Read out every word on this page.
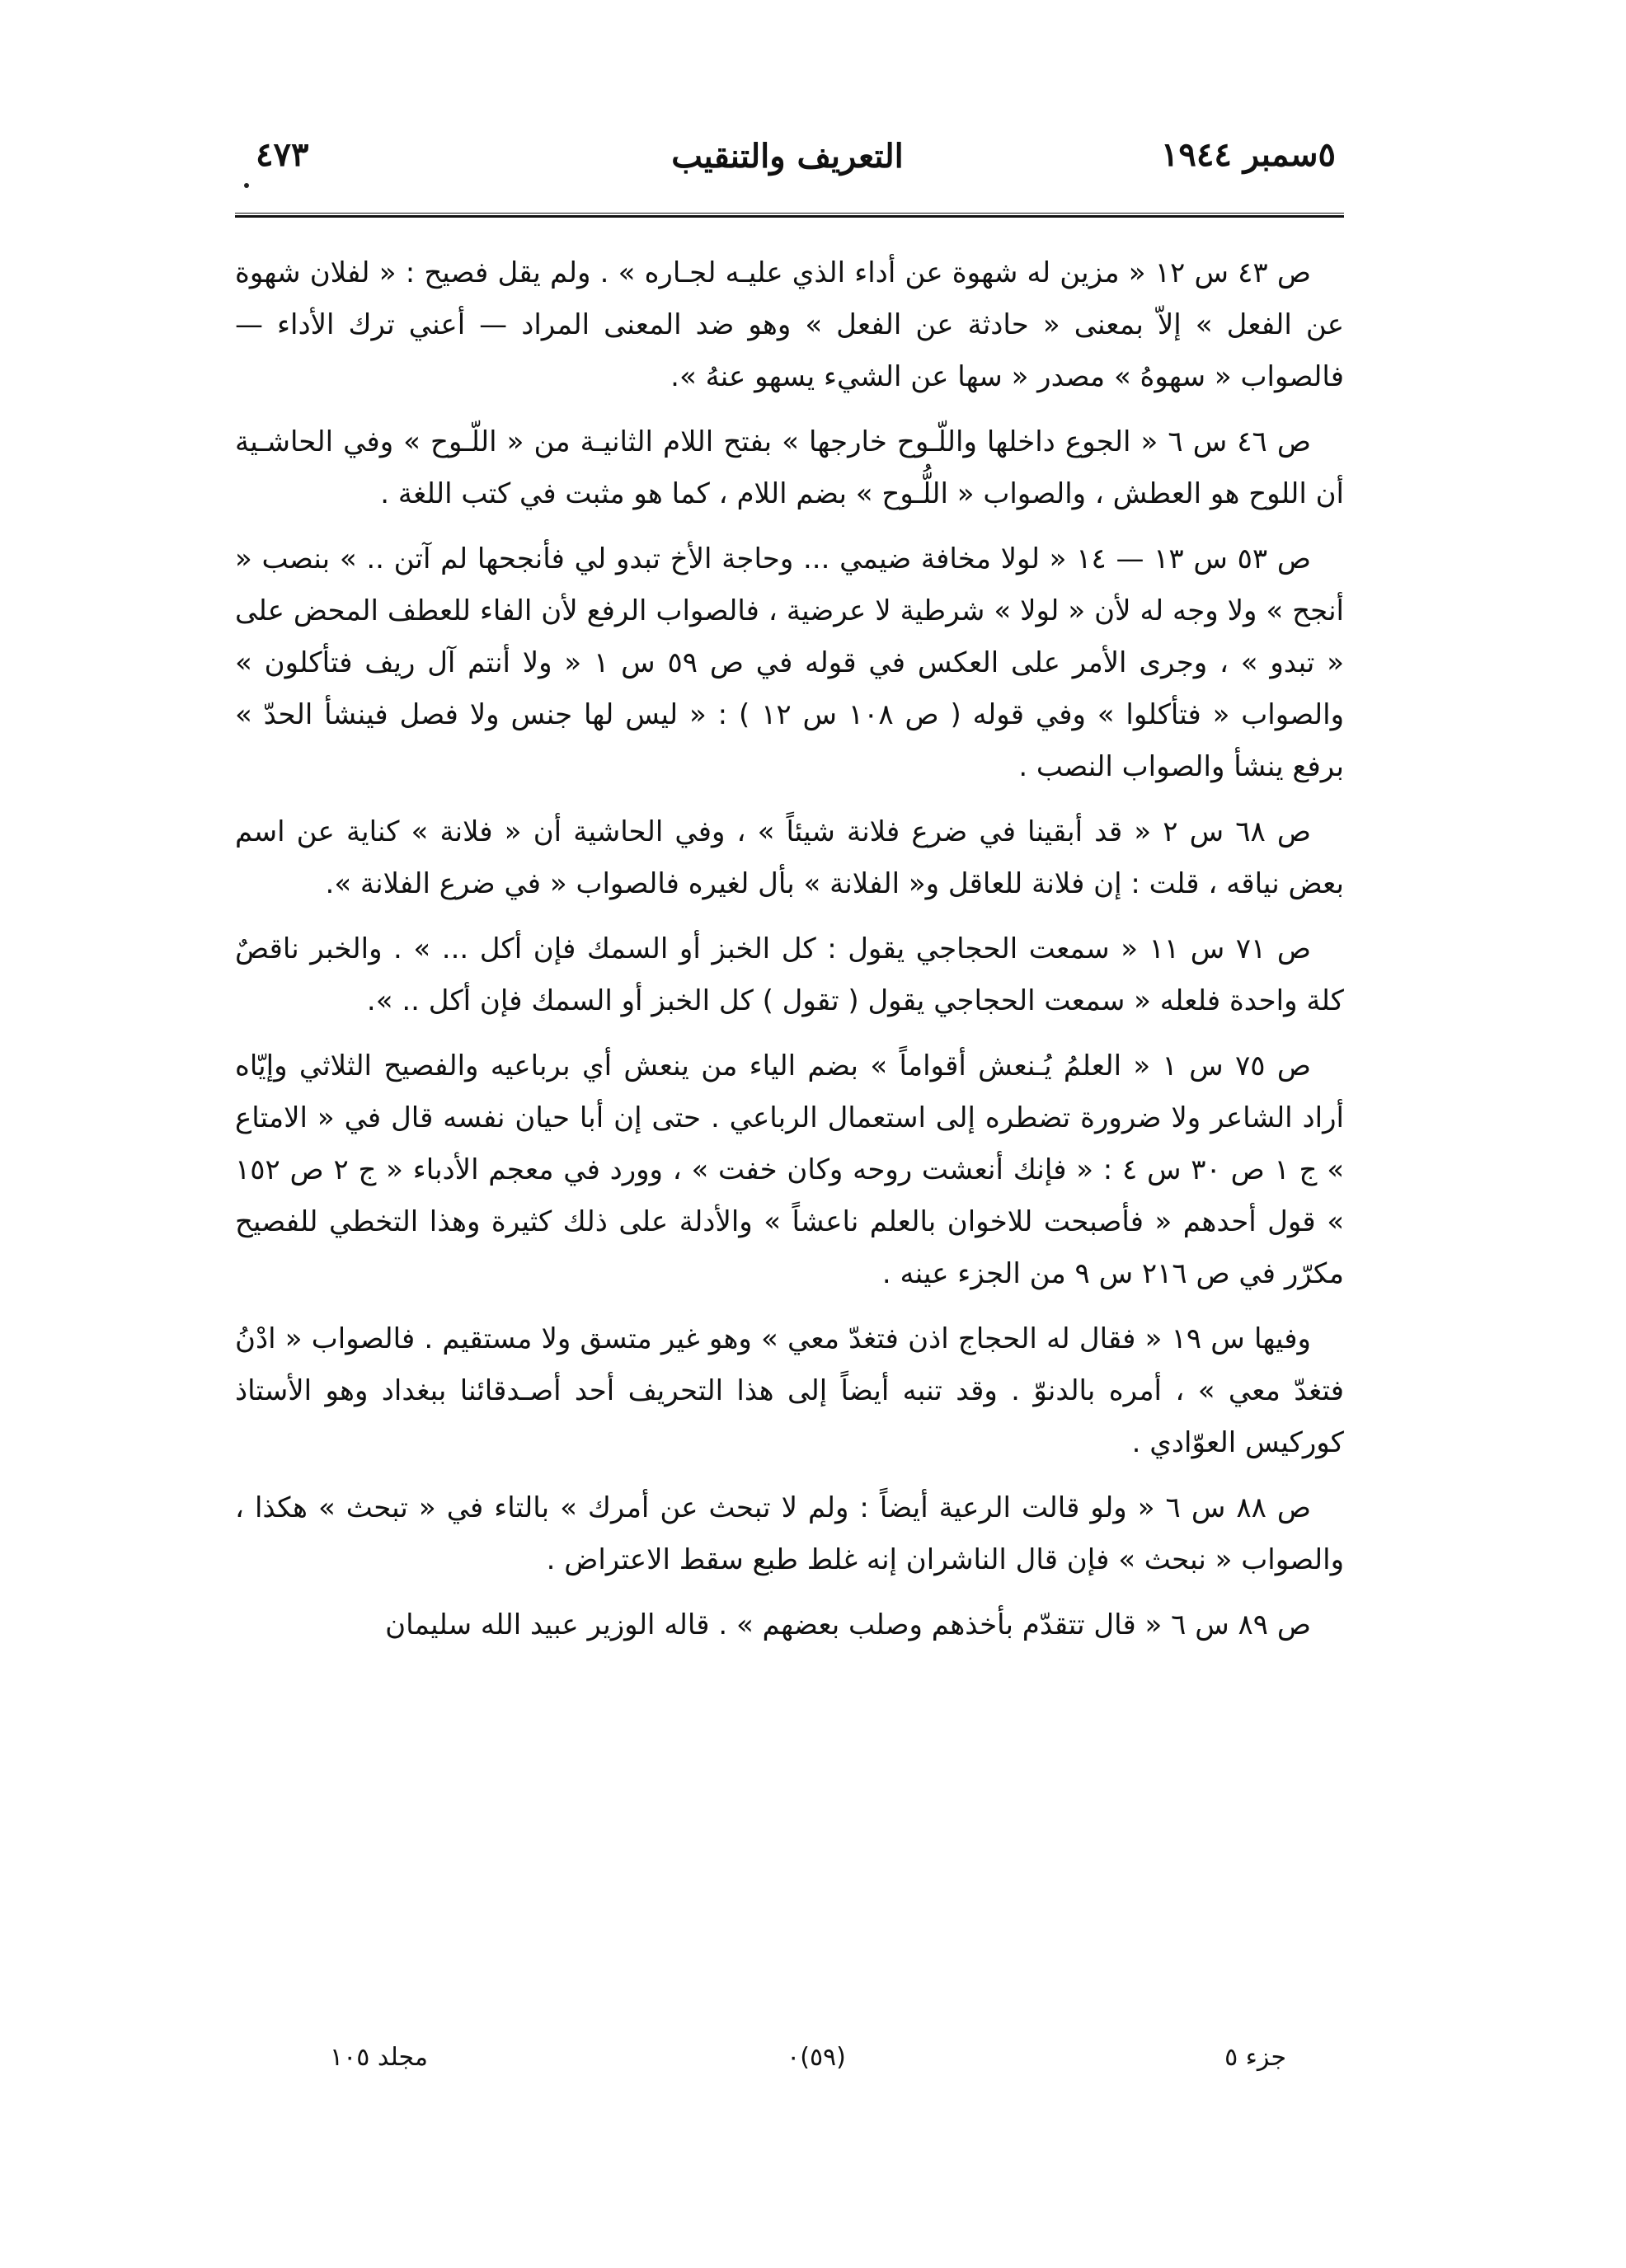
٥سمبر ١٩٤٤
التعريف والتنقيب
٤٧٣

ص ٤٣ س ١٢ « مزين له شهوة عن أداء الذي عليـه لجـاره » . ولم يقل فصيح : « لفلان شهوة عن الفعل » إلاّ بمعنى « حادثة عن الفعل » وهو ضد المعنى المراد — أعني ترك الأداء — فالصواب « سهوهُ » مصدر « سها عن الشيء يسهو عنهُ ».

ص ٤٦ س ٦ « الجوع داخلها واللّـوح خارجها » بفتح اللام الثانيـة من « اللّـوح » وفي الحاشـية أن اللوح هو العطش ، والصواب « اللُّـوح » بضم اللام ، كما هو مثبت في كتب اللغة .

ص ٥٣ س ١٣ — ١٤ « لولا مخافة ضيمي ... وحاجة الأخ تبدو لي فأنجحها لم آتن .. » بنصب « أنجح » ولا وجه له لأن « لولا » شرطية لا عرضية ، فالصواب الرفع لأن الفاء للعطف المحض على « تبدو » ، وجرى الأمر على العكس في قوله في ص ٥٩ س ١ « ولا أنتم آل ريف فتأكلون » والصواب « فتأكلوا » وفي قوله ( ص ١٠٨ س ١٢ ) : « ليس لها جنس ولا فصل فينشأ الحدّ » برفع ينشأ والصواب النصب .

ص ٦٨ س ٢ « قد أبقينا في ضرع فلانة شيئاً » ، وفي الحاشية أن « فلانة » كناية عن اسم بعض نياقه ، قلت : إن فلانة للعاقل و« الفلانة » بأل لغيره فالصواب « في ضرع الفلانة ».

ص ٧١ س ١١ « سمعت الحجاجي يقول : كل الخبز أو السمك فإن أكل ... » . والخبر ناقصٌ كلة واحدة فلعله « سمعت الحجاجي يقول ( تقول ) كل الخبز أو السمك فإن أكل .. ».

ص ٧٥ س ١ « العلمُ يُـنعش أقواماً » بضم الياء من ينعش أي برباعيه والفصيح الثلاثي وإيّاه أراد الشاعر ولا ضرورة تضطره إلى استعمال الرباعي . حتى إن أبا حيان نفسه قال في « الامتاع » ج ١ ص ٣٠ س ٤ : « فإنك أنعشت روحه وكان خفت » ، وورد في معجم الأدباء « ج ٢ ص ١٥٢ » قول أحدهم « فأصبحت للاخوان بالعلم ناعشاً » والأدلة على ذلك كثيرة وهذا التخطي للفصيح مكرّر في ص ٢١٦ س ٩ من الجزء عينه .

وفيها س ١٩ « فقال له الحجاج اذن فتغدّ معي » وهو غير متسق ولا مستقيم . فالصواب « ادْنُ فتغدّ معي » ، أمره بالدنوّ . وقد تنبه أيضاً إلى هذا التحريف أحد أصـدقائنا ببغداد وهو الأستاذ كوركيس العوّادي .

ص ٨٨ س ٦ « ولو قالت الرعية أيضاً : ولم لا تبحث عن أمرك » بالتاء في « تبحث » هكذا ، والصواب « نبحث » فإن قال الناشران إنه غلط طبع سقط الاعتراض .

ص ٨٩ س ٦ « قال تتقدّم بأخذهم وصلب بعضهم » . قاله الوزير عبيد الله سليمان

جزء ٥
(٥٩)٠
مجلد ١٠٥
